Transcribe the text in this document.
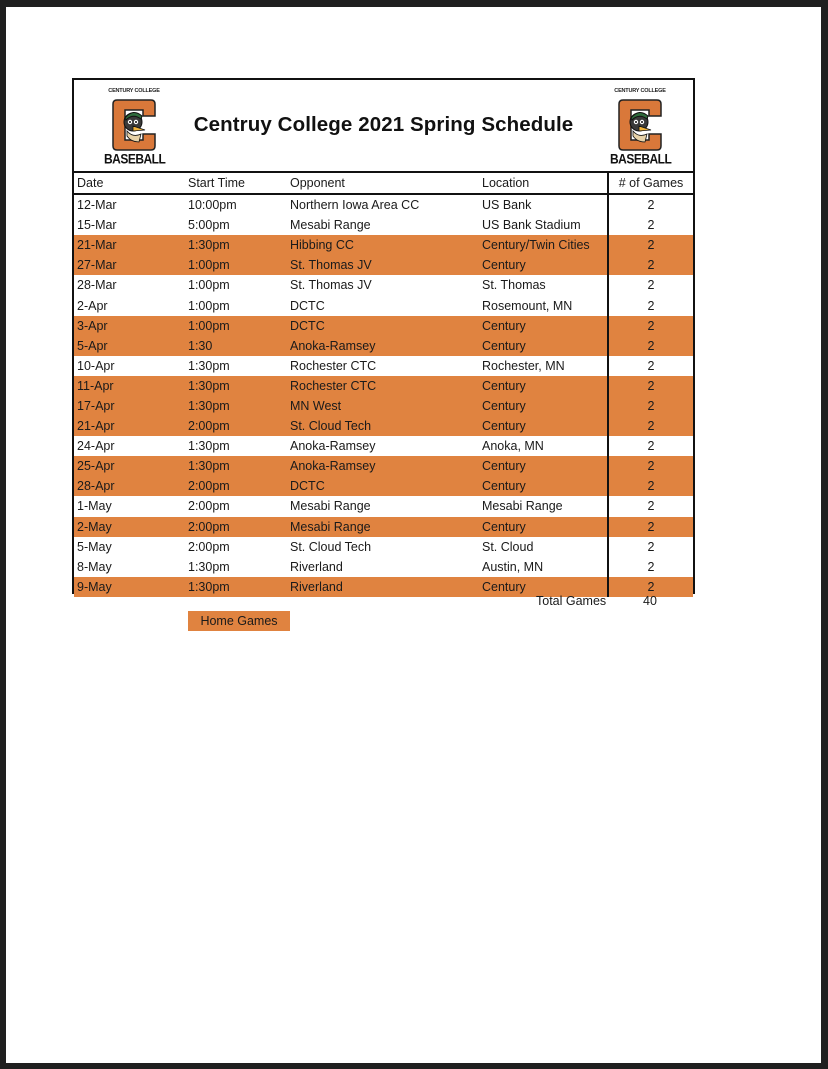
CENTURY COLLEGE
BASEBALL
Centruy College 2021 Spring Schedule
CENTURY COLLEGE
BASEBALL
Date	Start Time	Opponent	Location	# of Games
12-Mar	10:00pm	Northern Iowa Area CC	US Bank	2
15-Mar	5:00pm	Mesabi Range	US Bank Stadium	2
21-Mar	1:30pm	Hibbing CC	Century/Twin Cities	2
27-Mar	1:00pm	St. Thomas JV	Century	2
28-Mar	1:00pm	St. Thomas JV	St. Thomas	2
2-Apr	1:00pm	DCTC	Rosemount, MN	2
3-Apr	1:00pm	DCTC	Century	2
5-Apr	1:30	Anoka-Ramsey	Century	2
10-Apr	1:30pm	Rochester CTC	Rochester, MN	2
11-Apr	1:30pm	Rochester CTC	Century	2
17-Apr	1:30pm	MN West	Century	2
21-Apr	2:00pm	St. Cloud Tech	Century	2
24-Apr	1:30pm	Anoka-Ramsey	Anoka, MN	2
25-Apr	1:30pm	Anoka-Ramsey	Century	2
28-Apr	2:00pm	DCTC	Century	2
1-May	2:00pm	Mesabi Range	Mesabi Range	2
2-May	2:00pm	Mesabi Range	Century	2
5-May	2:00pm	St. Cloud Tech	St. Cloud	2
8-May	1:30pm	Riverland	Austin, MN	2
9-May	1:30pm	Riverland	Century	2
Total Games	40
Home Games
